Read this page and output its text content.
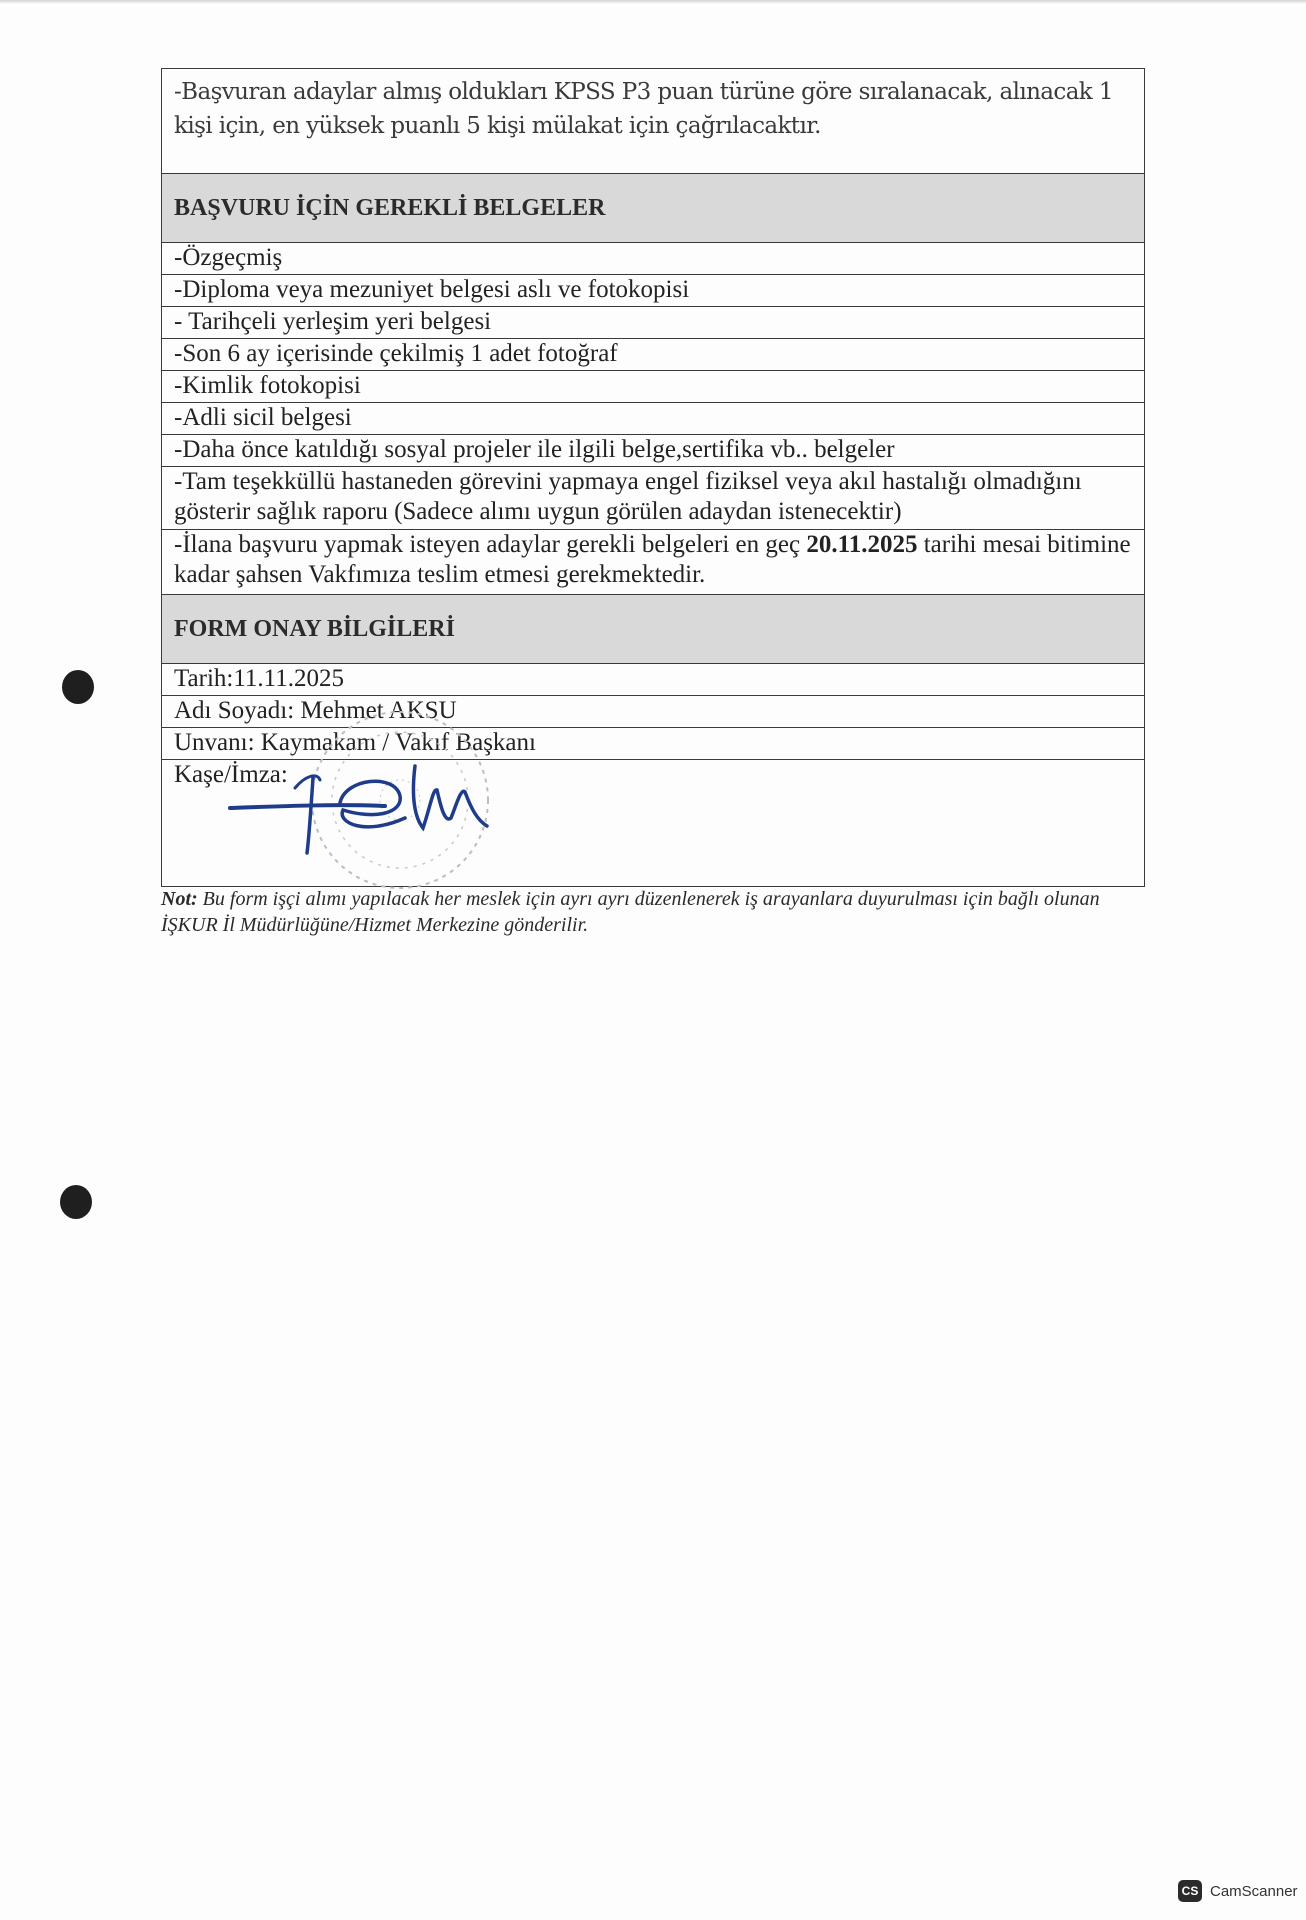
-Başvuran adaylar almış oldukları KPSS P3 puan türüne göre sıralanacak, alınacak 1 kişi için, en yüksek puanlı 5 kişi mülakat için çağrılacaktır.
BAŞVURU İÇİN GEREKLİ BELGELER
-Özgeçmiş
-Diploma veya mezuniyet belgesi aslı ve fotokopisi
- Tarihçeli yerleşim yeri belgesi
-Son 6 ay içerisinde çekilmiş 1 adet fotoğraf
-Kimlik fotokopisi
-Adli sicil belgesi
-Daha önce katıldığı sosyal projeler ile ilgili belge,sertifika vb.. belgeler
-Tam teşekküllü hastaneden görevini yapmaya engel fiziksel veya akıl hastalığı olmadığını gösterir sağlık raporu (Sadece alımı uygun görülen adaydan istenecektir)
-İlana başvuru yapmak isteyen adaylar gerekli belgeleri en geç 20.11.2025 tarihi mesai bitimine kadar şahsen Vakfımıza teslim etmesi gerekmektedir.
FORM ONAY BİLGİLERİ
Tarih:11.11.2025
Adı Soyadı: Mehmet AKSU
Unvanı: Kaymakam / Vakıf Başkanı
Kaşe/İmza:
Not: Bu form işçi alımı yapılacak her meslek için ayrı ayrı düzenlenerek iş arayanlara duyurulması için bağlı olunan İŞKUR İl Müdürlüğüne/Hizmet Merkezine gönderilir.
CS CamScanner
